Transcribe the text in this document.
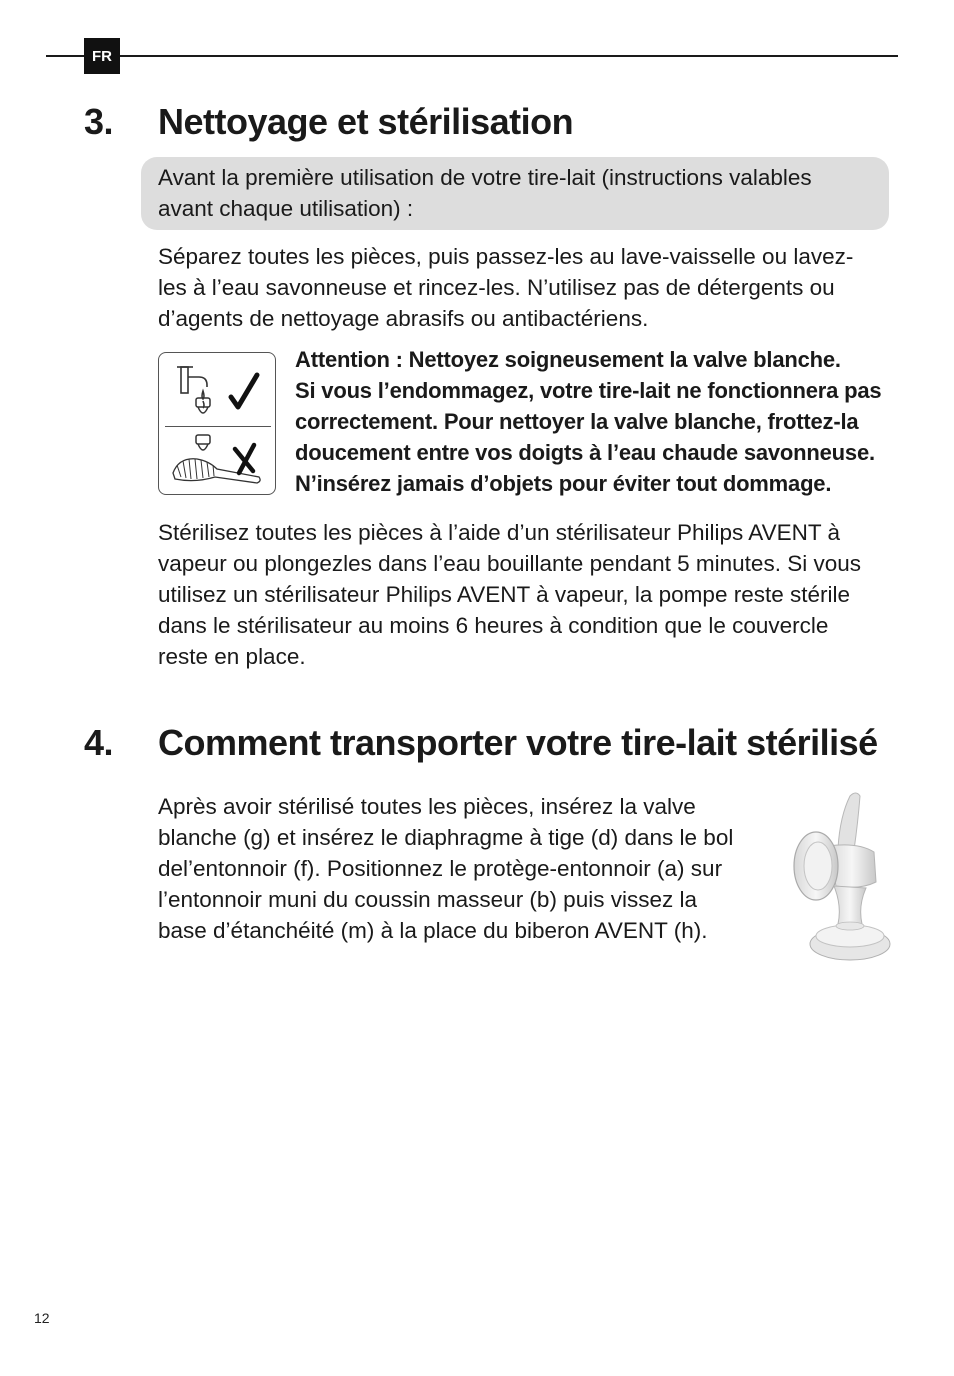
FR
3. Nettoyage et stérilisation
Avant la première utilisation de votre tire-lait (instructions valables
avant chaque utilisation) :
Séparez toutes les pièces, puis passez-les au lave-vaisselle ou lavez-
les à l’eau savonneuse et rincez-les. N’utilisez pas de détergents ou
d’agents de nettoyage abrasifs ou antibactériens.
Attention : Nettoyez soigneusement la valve blanche.
Si vous l’endommagez, votre tire-lait ne fonctionnera pas
correctement. Pour nettoyer la valve blanche, frottez-la
doucement entre vos doigts à l’eau chaude savonneuse.
N’insérez jamais d’objets pour éviter tout dommage.
Stérilisez toutes les pièces à l’aide d’un stérilisateur Philips AVENT à
vapeur ou plongezles dans l’eau bouillante pendant 5 minutes. Si vous
utilisez un stérilisateur Philips AVENT à vapeur, la pompe reste stérile
dans le stérilisateur au moins 6 heures à condition que le couvercle
reste en place.
4. Comment transporter votre tire-lait stérilisé
Après avoir stérilisé toutes les pièces, insérez la valve
blanche (g) et insérez le diaphragme à tige (d) dans le bol
del’entonnoir (f). Positionnez le protège-entonnoir (a) sur
l’entonnoir muni du coussin masseur (b) puis vissez la
base d’étanchéité (m) à la place du biberon AVENT (h).
12
